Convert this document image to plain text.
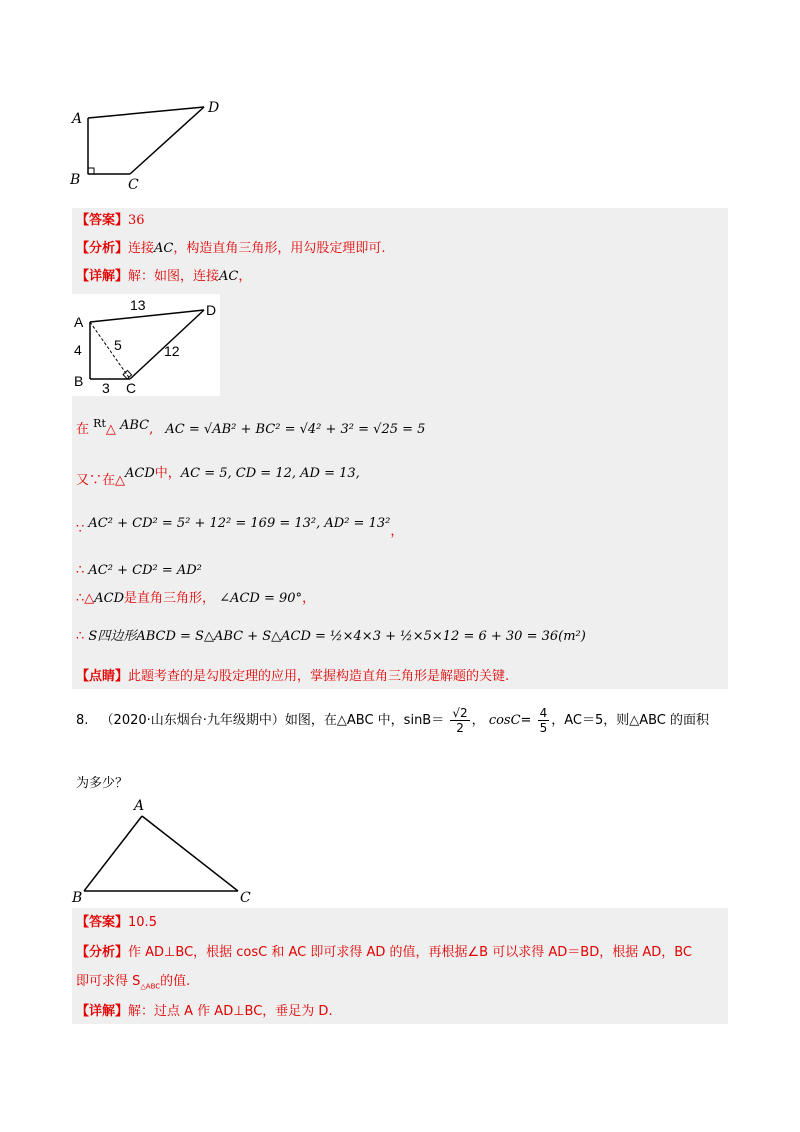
A
B	C
D
【答案】36
【分析】连接AC，构造直角三角形，用勾股定理即可.
【详解】解：如图，连接AC，
A
B	C
D
4
3
5	12
13
在 $^{Rt}$△ ABC, AC = √AB² + BC² = √4² + 3² = √25 = 5
又∵在△ACD中，AC = 5, CD = 12, AD = 13,
∵ AC² + CD² = 5² + 12² = 169 = 13², AD² = 13²，
∴ AC² + CD² = AD²
∴△ACD是直角三角形， ∠ACD = 90°，
∴ S四边形ABCD = S△ABC + S△ACD = ½×4×3 + ½×5×12 = 6 + 30 = 36(m²)
【点睛】此题考查的是勾股定理的应用，掌握构造直角三角形是解题的关键.
8. （2020·山东烟台·九年级期中）如图，在△ABC 中，$\sin B= \frac{√2}{2}$ ， $\cos C= \frac{4}{5}$ ，AC＝5，则△ABC 的面积
为多少？
A
B	C
【答案】10.5
【分析】作 AD⊥BC，根据 cosC 和 AC 即可求得 AD 的值，再根据∠B 可以求得 AD＝BD，根据 AD，BC
即可求得 $S_{\triangle ABC}$的值.
【详解】解：过点 A 作 AD⊥BC，垂足为 D.
